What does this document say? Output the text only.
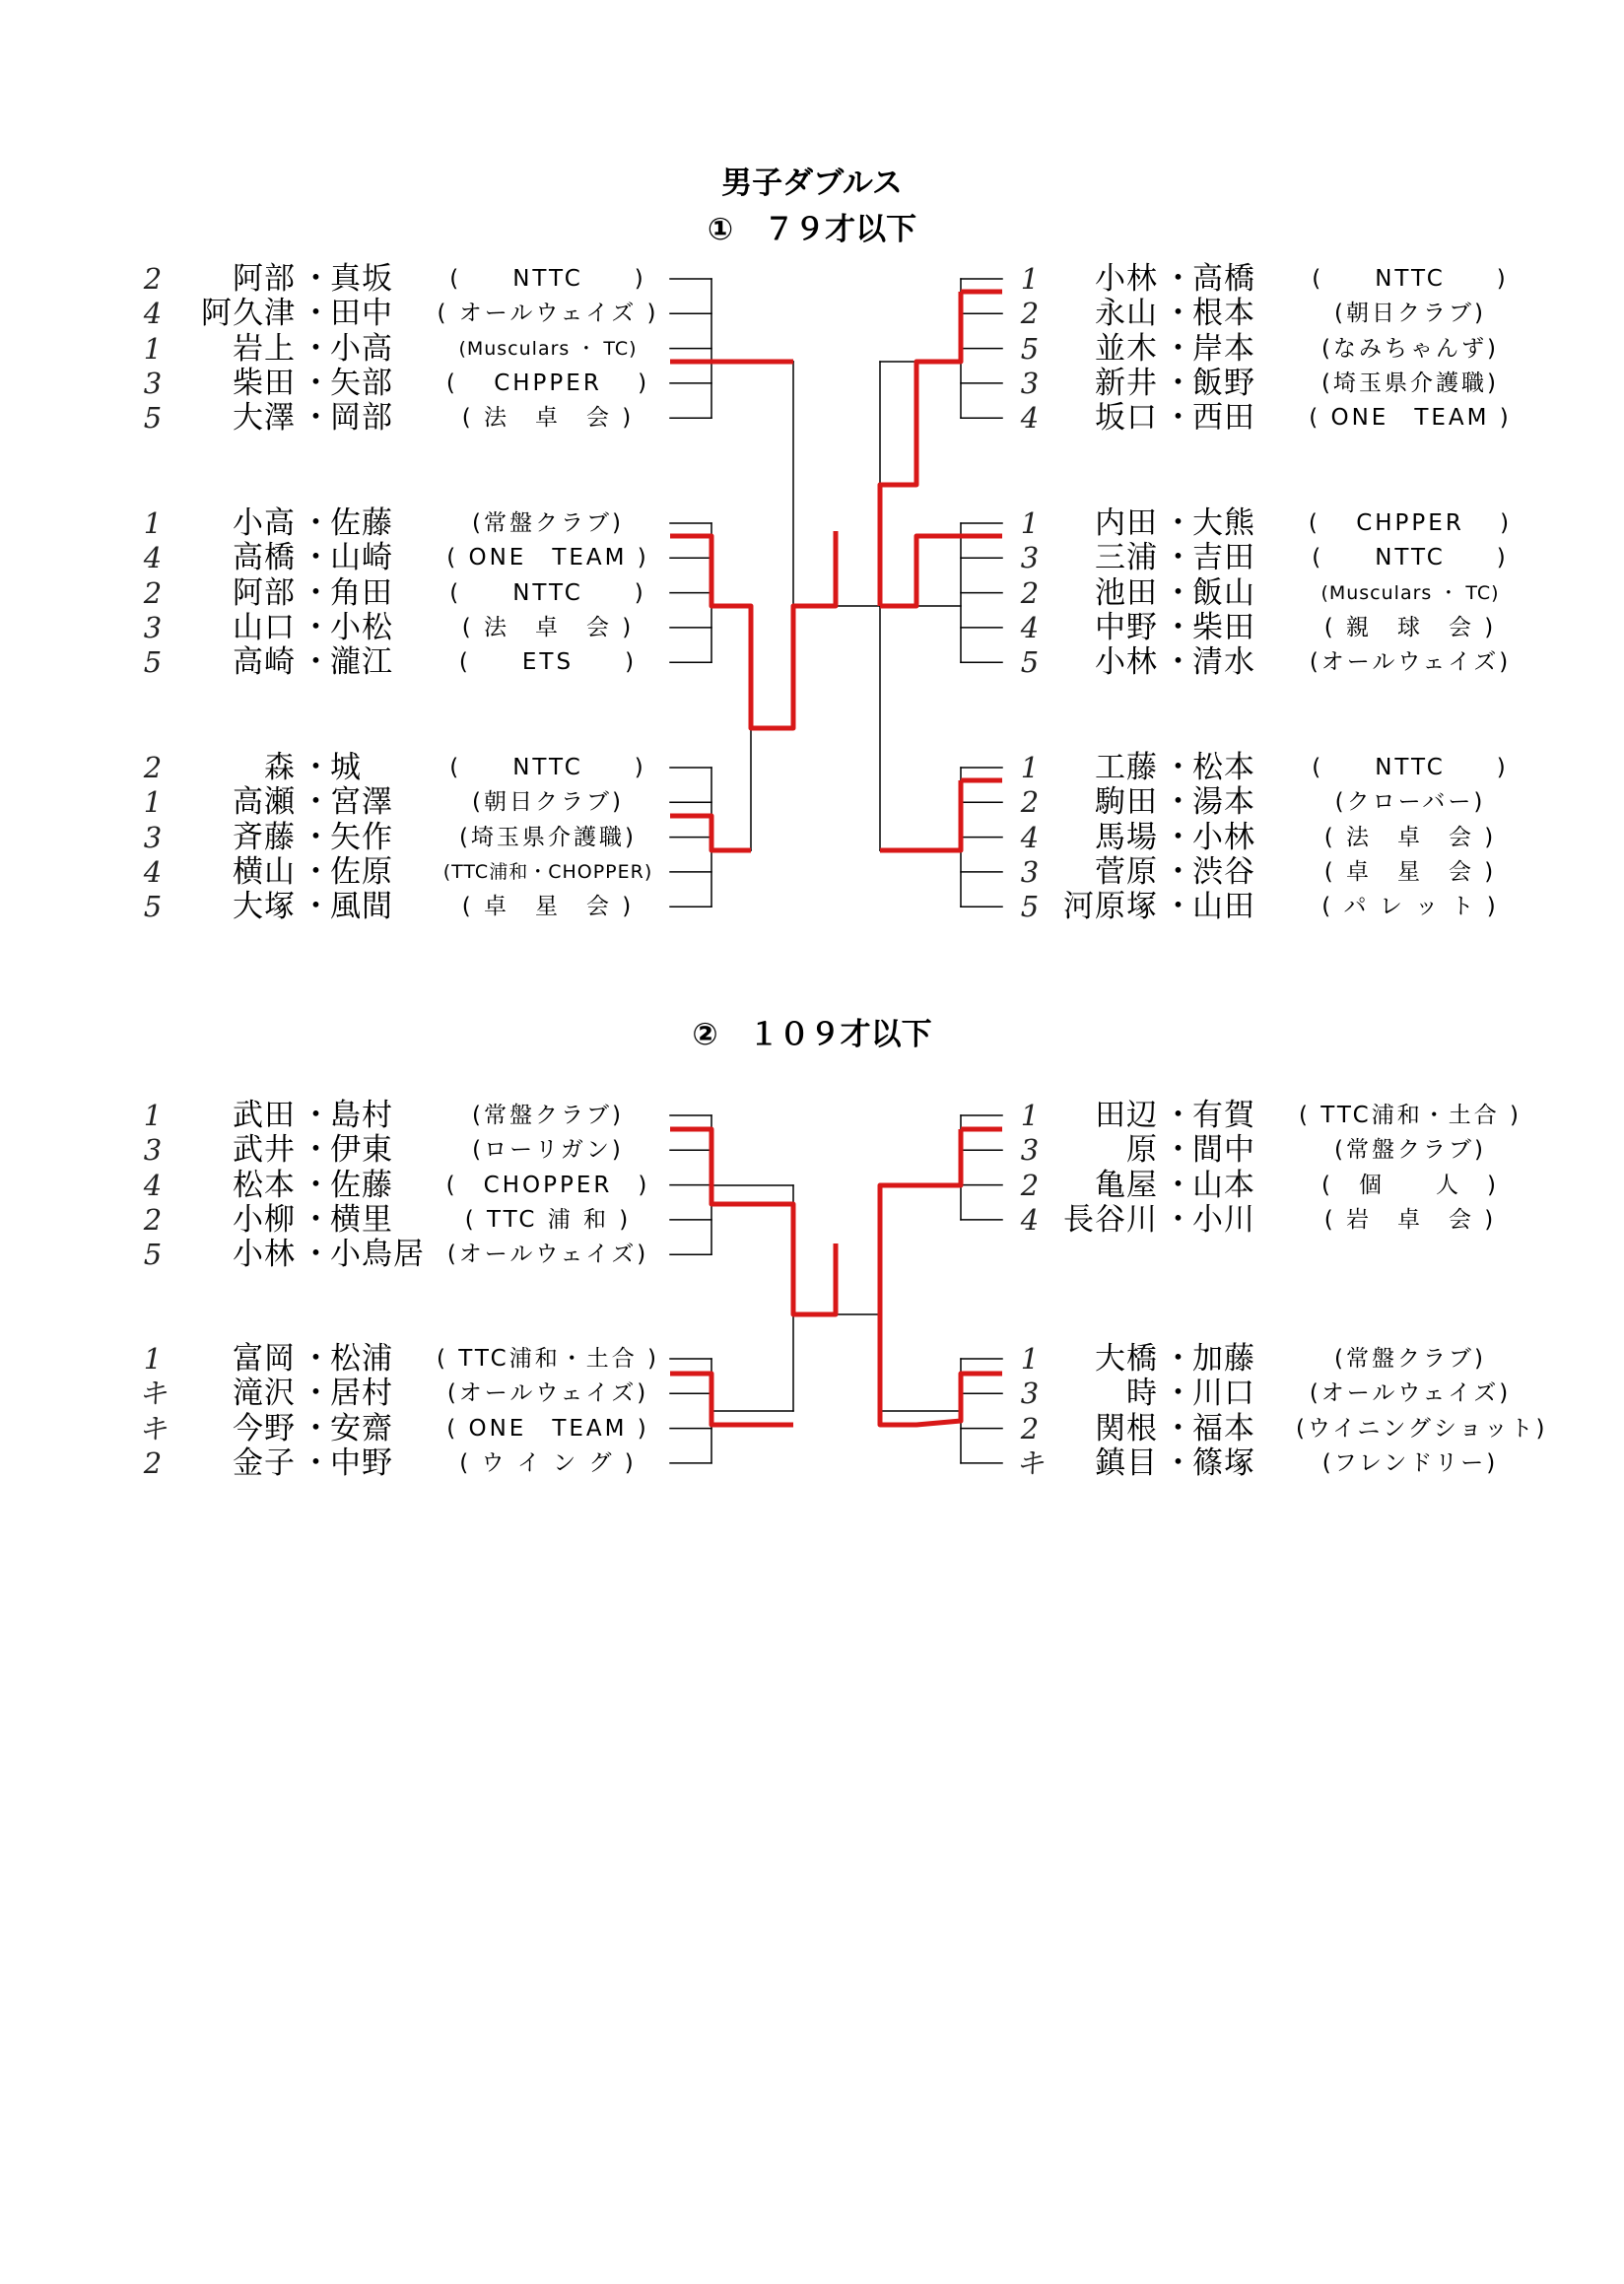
男子ダブルス
①　７９才以下
②　１０９才以下
2	阿部 ・ 真坂	(　　NTTC　　)
4	阿久津 ・ 田中	( オールウェイズ )
1	岩上 ・ 小高	(Musculars ・ TC)
3	柴田 ・ 矢部	(　 CHPPER 　)
5	大澤 ・ 岡部	( 法　卓　会 )
1	小高 ・ 佐藤	(常盤クラブ)
4	高橋 ・ 山崎	( ONE　TEAM )
2	阿部 ・ 角田	(　　NTTC　　)
3	山口 ・ 小松	( 法　卓　会 )
5	高崎 ・ 瀧江	(　　ETS　　)
2	森 ・ 城	(　　NTTC　　)
1	高瀬 ・ 宮澤	(朝日クラブ)
3	斉藤 ・ 矢作	(埼玉県介護職)
4	横山 ・ 佐原	(TTC浦和・CHOPPER)
5	大塚 ・ 風間	( 卓　星　会 )
1	小林 ・ 高橋	(　　NTTC　　)
2	永山 ・ 根本	(朝日クラブ)
5	並木 ・ 岸本	(なみちゃんず)
3	新井 ・ 飯野	(埼玉県介護職)
4	坂口 ・ 西田	( ONE　TEAM )
1	内田 ・ 大熊	(　 CHPPER 　)
3	三浦 ・ 吉田	(　　NTTC　　)
2	池田 ・ 飯山	(Musculars ・ TC)
4	中野 ・ 柴田	( 親　球　会 )
5	小林 ・ 清水	(オールウェイズ)
1	工藤 ・ 松本	(　　NTTC　　)
2	駒田 ・ 湯本	(クローバー)
4	馬場 ・ 小林	( 法　卓　会 )
3	菅原 ・ 渋谷	( 卓　星　会 )
5 河原塚 ・ 山田	( パ レ ッ ト )
1	武田 ・ 島村	(常盤クラブ)
3	武井 ・ 伊東	(ローリガン)
4	松本 ・ 佐藤	(　CHOPPER　)
2	小柳 ・ 横里	( TTC 浦 和 )
5	小林 ・ 小鳥居 (オールウェイズ)
1	富岡 ・ 松浦	( TTC浦和・土合 )
キ	滝沢 ・ 居村	(オールウェイズ)
キ	今野 ・ 安齋	( ONE　TEAM )
2	金子 ・ 中野	( ウ イ ン グ )
1	田辺 ・ 有賀	( TTC浦和・土合 )
3	原 ・ 間中	(常盤クラブ)
2	亀屋 ・ 山本	(　個　　人　)
4 長谷川 ・ 小川	( 岩　卓　会 )
1	大橋 ・ 加藤	(常盤クラブ)
3	時 ・ 川口	(オールウェイズ)
2	関根 ・ 福本	(ウイニングショット)
キ	鎮目 ・ 篠塚	(フレンドリー)
